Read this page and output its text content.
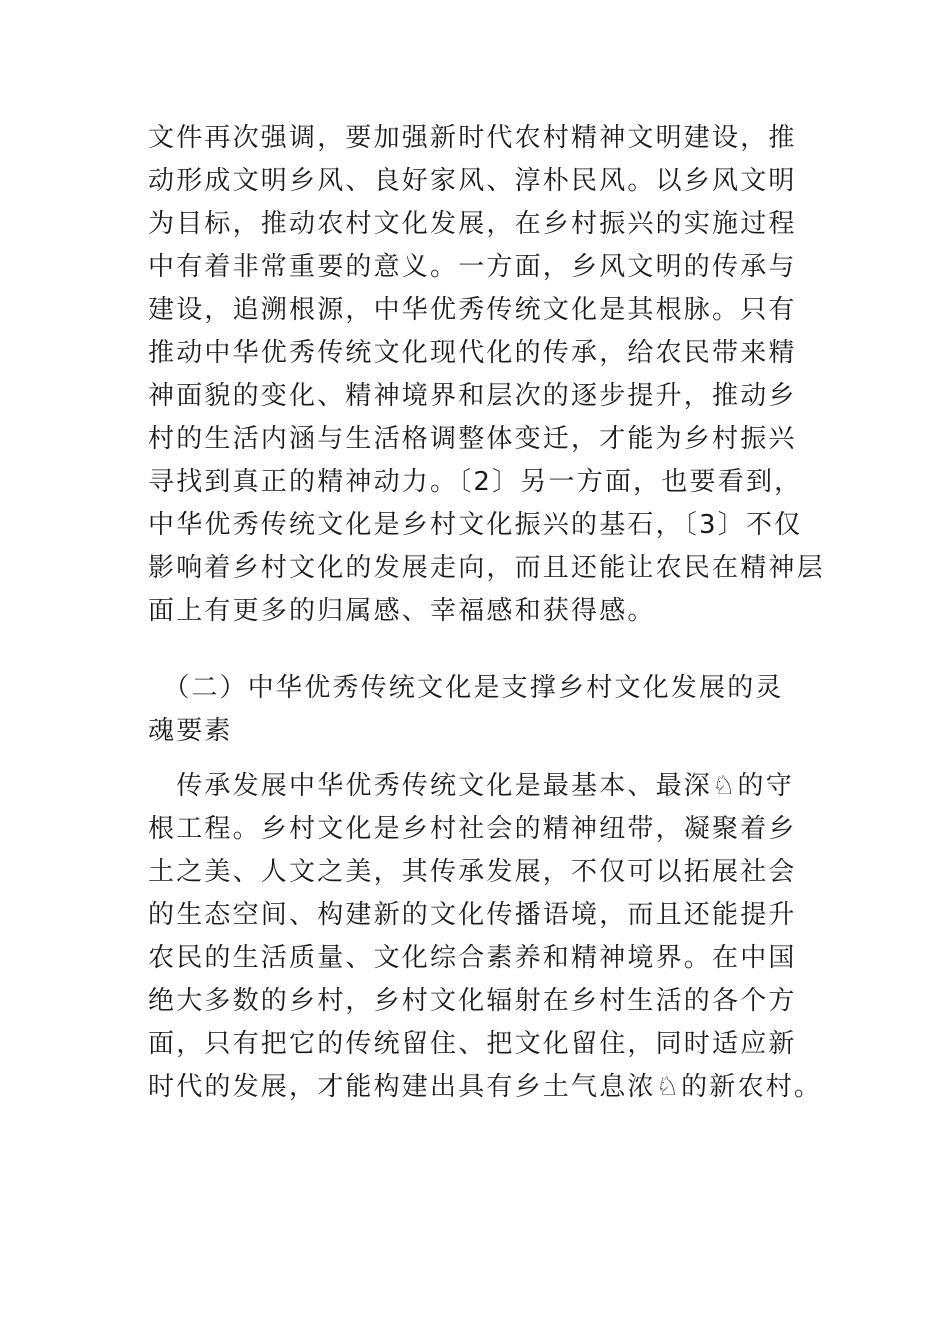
文件再次强调，要加强新时代农村精神文明建设，推
动形成文明乡风、良好家风、淳朴民风。以乡风文明
为目标，推动农村文化发展，在乡村振兴的实施过程
中有着非常重要的意义。一方面，乡风文明的传承与
建设，追溯根源，中华优秀传统文化是其根脉。只有
推动中华优秀传统文化现代化的传承，给农民带来精
神面貌的变化、精神境界和层次的逐步提升，推动乡
村的生活内涵与生活格调整体变迁，才能为乡村振兴
寻找到真正的精神动力。〔2〕另一方面，也要看到，
中华优秀传统文化是乡村文化振兴的基石，〔3〕不仅
影响着乡村文化的发展走向，而且还能让农民在精神层
面上有更多的归属感、幸福感和获得感。
　（二）中华优秀传统文化是支撑乡村文化发展的灵
魂要素
　传承发展中华优秀传统文化是最基本、最深♘的守
根工程。乡村文化是乡村社会的精神纽带，凝聚着乡
土之美、人文之美，其传承发展，不仅可以拓展社会
的生态空间、构建新的文化传播语境，而且还能提升
农民的生活质量、文化综合素养和精神境界。在中国
绝大多数的乡村，乡村文化辐射在乡村生活的各个方
面，只有把它的传统留住、把文化留住，同时适应新
时代的发展，才能构建出具有乡土气息浓♘的新农村。
